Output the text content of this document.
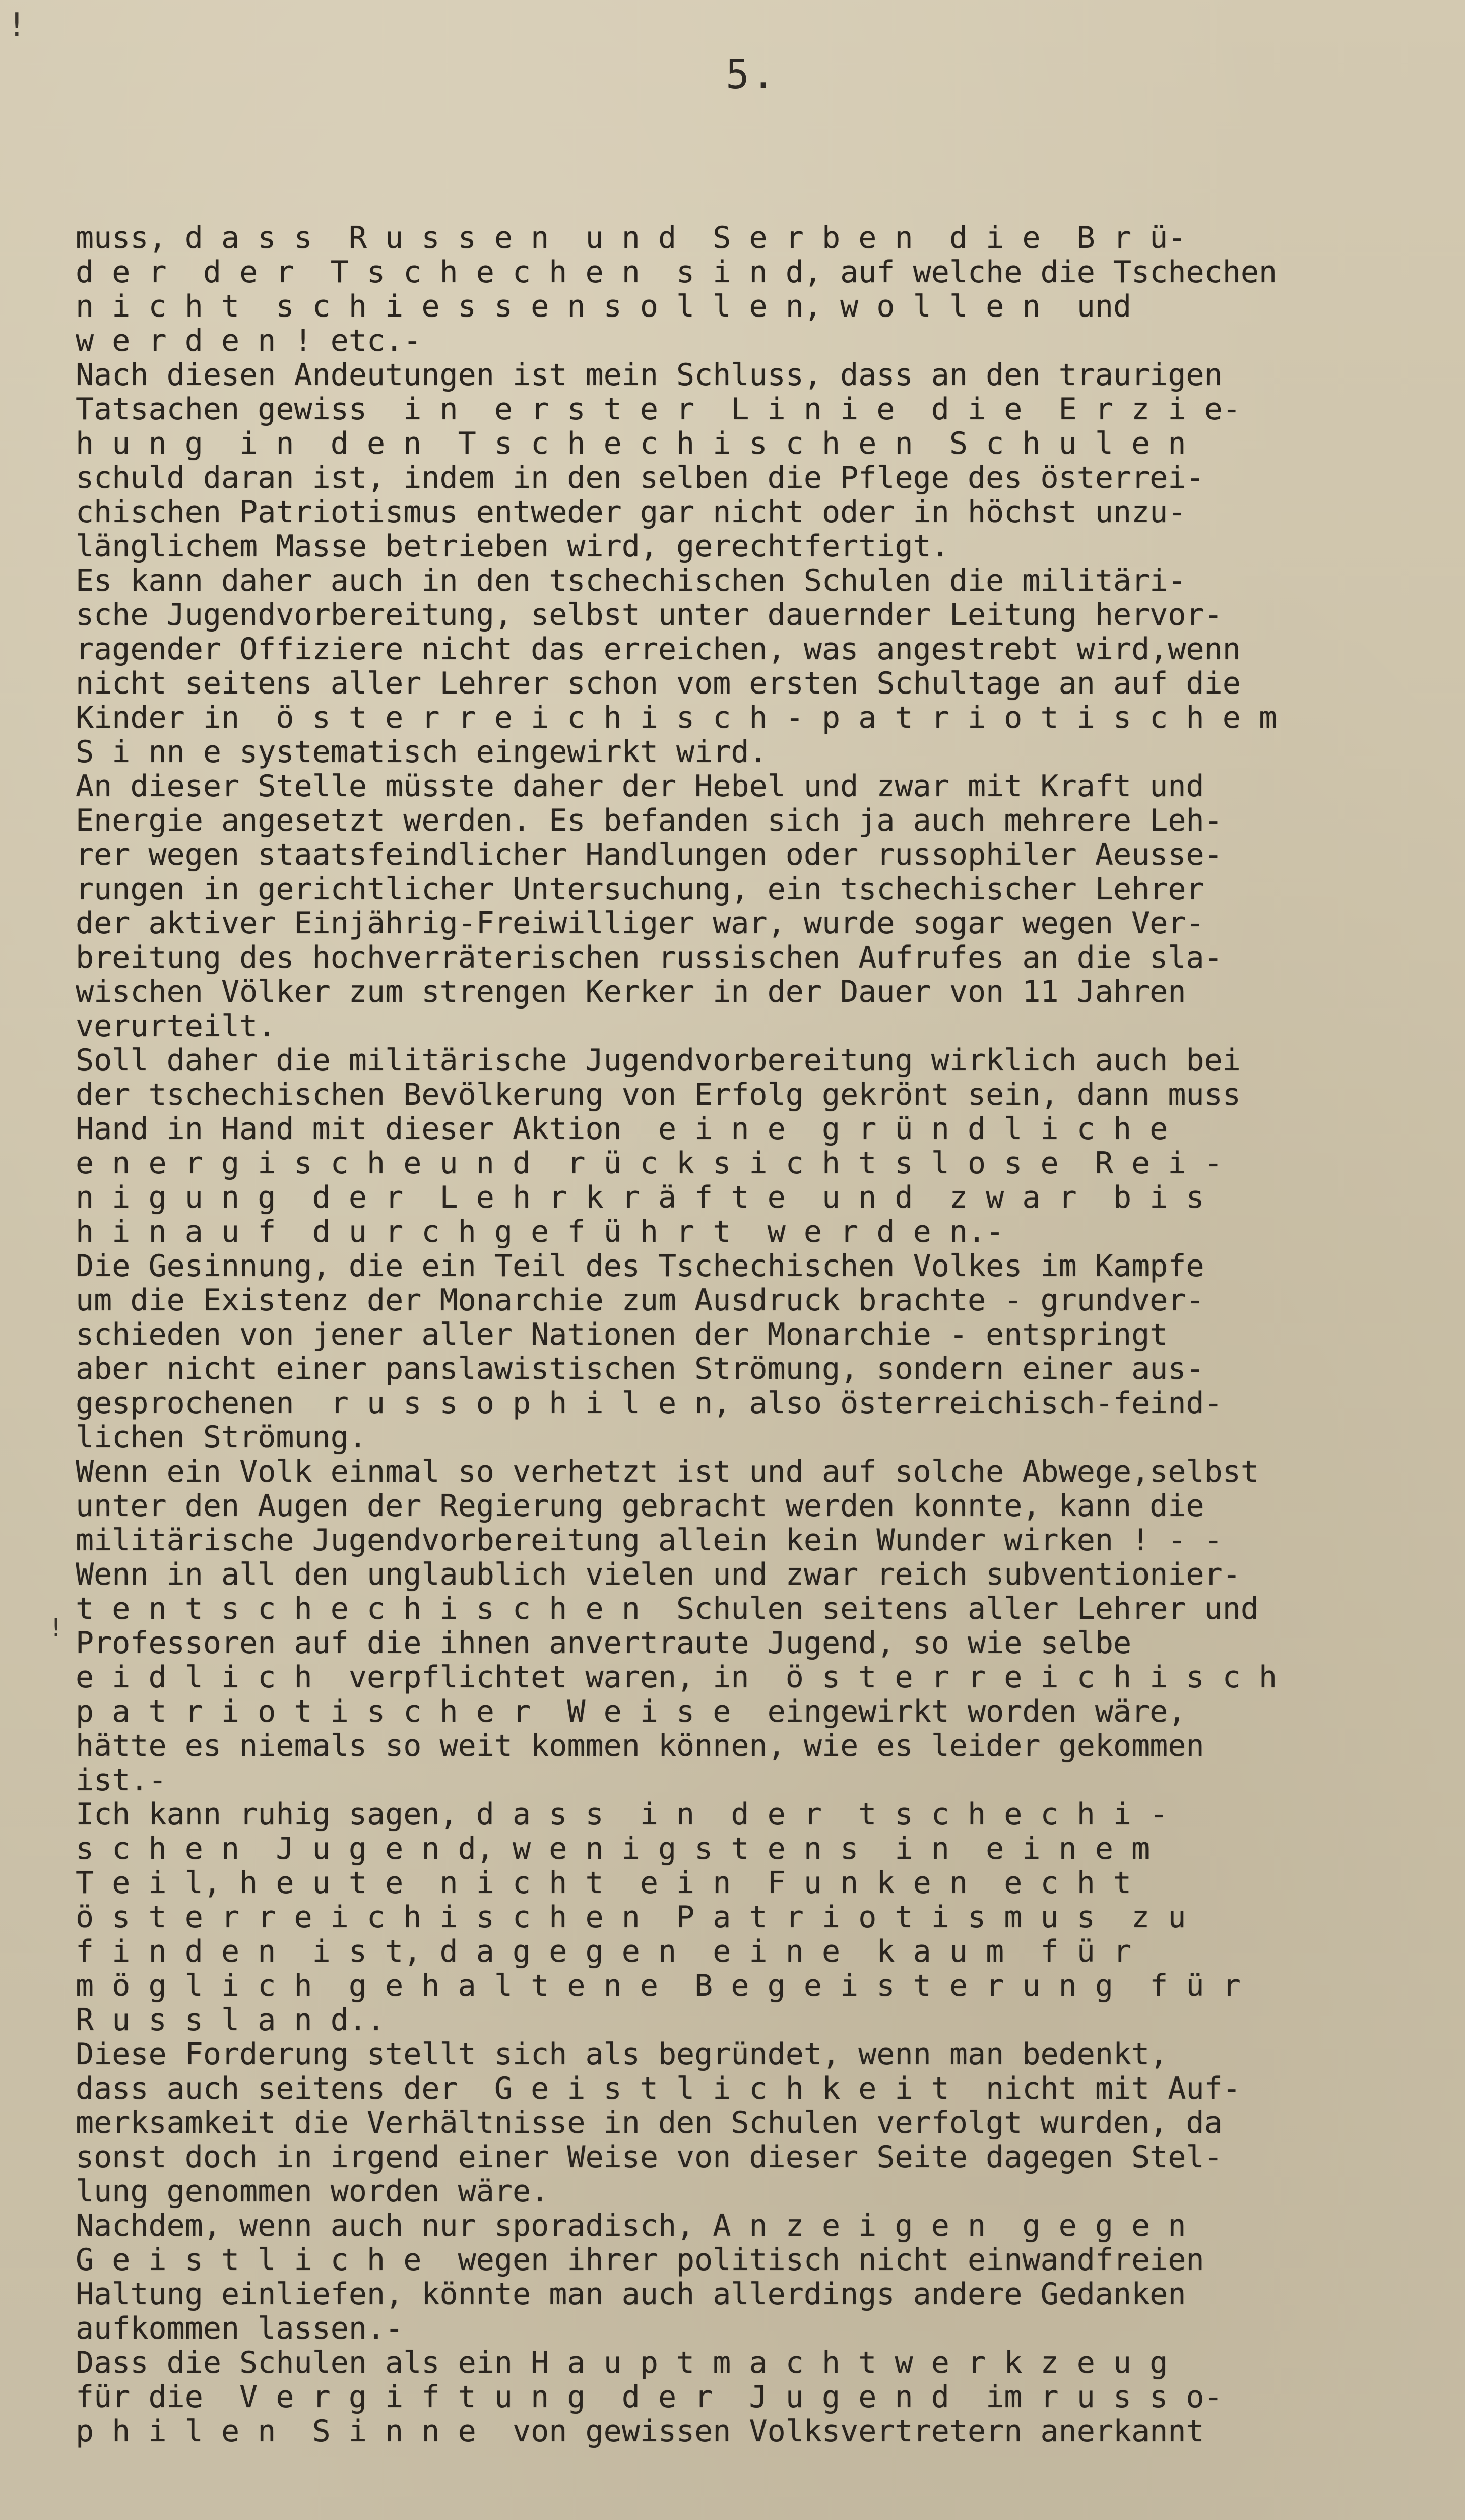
!
!
5.
muss, d a s s  R u s s e n  u n d  S e r b e n  d i e  B r ü-
d e r  d e r  T s c h e c h e n  s i n d, auf welche die Tschechen
n i c h t  s c h i e s s e n s o l l e n, w o l l e n  und
w e r d e n ! etc.-
Nach diesen Andeutungen ist mein Schluss, dass an den traurigen
Tatsachen gewiss  i n  e r s t e r  L i n i e  d i e  E r z i e-
h u n g  i n  d e n  T s c h e c h i s c h e n  S c h u l e n
schuld daran ist, indem in den selben die Pflege des österrei-
chischen Patriotismus entweder gar nicht oder in höchst unzu-
länglichem Masse betrieben wird, gerechtfertigt.
Es kann daher auch in den tschechischen Schulen die militäri-
sche Jugendvorbereitung, selbst unter dauernder Leitung hervor-
ragender Offiziere nicht das erreichen, was angestrebt wird,wenn
nicht seitens aller Lehrer schon vom ersten Schultage an auf die
Kinder in  ö s t e r r e i c h i s c h - p a t r i o t i s c h e m
S i nn e systematisch eingewirkt wird.
An dieser Stelle müsste daher der Hebel und zwar mit Kraft und
Energie angesetzt werden. Es befanden sich ja auch mehrere Leh-
rer wegen staatsfeindlicher Handlungen oder russophiler Aeusse-
rungen in gerichtlicher Untersuchung, ein tschechischer Lehrer
der aktiver Einjährig-Freiwilliger war, wurde sogar wegen Ver-
breitung des hochverräterischen russischen Aufrufes an die sla-
wischen Völker zum strengen Kerker in der Dauer von 11 Jahren
verurteilt.
Soll daher die militärische Jugendvorbereitung wirklich auch bei
der tschechischen Bevölkerung von Erfolg gekrönt sein, dann muss
Hand in Hand mit dieser Aktion  e i n e  g r ü n d l i c h e
e n e r g i s c h e u n d  r ü c k s i c h t s l o s e  R e i -
n i g u n g  d e r  L e h r k r ä f t e  u n d  z w a r  b i s
h i n a u f  d u r c h g e f ü h r t  w e r d e n.-
Die Gesinnung, die ein Teil des Tschechischen Volkes im Kampfe
um die Existenz der Monarchie zum Ausdruck brachte - grundver-
schieden von jener aller Nationen der Monarchie - entspringt
aber nicht einer panslawistischen Strömung, sondern einer aus-
gesprochenen  r u s s o p h i l e n, also österreichisch-feind-
lichen Strömung.
Wenn ein Volk einmal so verhetzt ist und auf solche Abwege,selbst
unter den Augen der Regierung gebracht werden konnte, kann die
militärische Jugendvorbereitung allein kein Wunder wirken ! - -
Wenn in all den unglaublich vielen und zwar reich subventionier-
t e n t s c h e c h i s c h e n  Schulen seitens aller Lehrer und
Professoren auf die ihnen anvertraute Jugend, so wie selbe
e i d l i c h  verpflichtet waren, in  ö s t e r r e i c h i s c h
p a t r i o t i s c h e r  W e i s e  eingewirkt worden wäre,
hätte es niemals so weit kommen können, wie es leider gekommen
ist.-
Ich kann ruhig sagen, d a s s  i n  d e r  t s c h e c h i -
s c h e n  J u g e n d, w e n i g s t e n s  i n  e i n e m
T e i l, h e u t e  n i c h t  e i n  F u n k e n  e c h t
ö s t e r r e i c h i s c h e n  P a t r i o t i s m u s  z u
f i n d e n  i s t, d a g e g e n  e i n e  k a u m  f ü r
m ö g l i c h  g e h a l t e n e  B e g e i s t e r u n g  f ü r
R u s s l a n d..
Diese Forderung stellt sich als begründet, wenn man bedenkt,
dass auch seitens der  G e i s t l i c h k e i t  nicht mit Auf-
merksamkeit die Verhältnisse in den Schulen verfolgt wurden, da
sonst doch in irgend einer Weise von dieser Seite dagegen Stel-
lung genommen worden wäre.
Nachdem, wenn auch nur sporadisch, A n z e i g e n  g e g e n
G e i s t l i c h e  wegen ihrer politisch nicht einwandfreien
Haltung einliefen, könnte man auch allerdings andere Gedanken
aufkommen lassen.-
Dass die Schulen als ein H a u p t m a c h t w e r k z e u g
für die  V e r g i f t u n g  d e r  J u g e n d  im r u s s o-
p h i l e n  S i n n e  von gewissen Volksvertretern anerkannt
